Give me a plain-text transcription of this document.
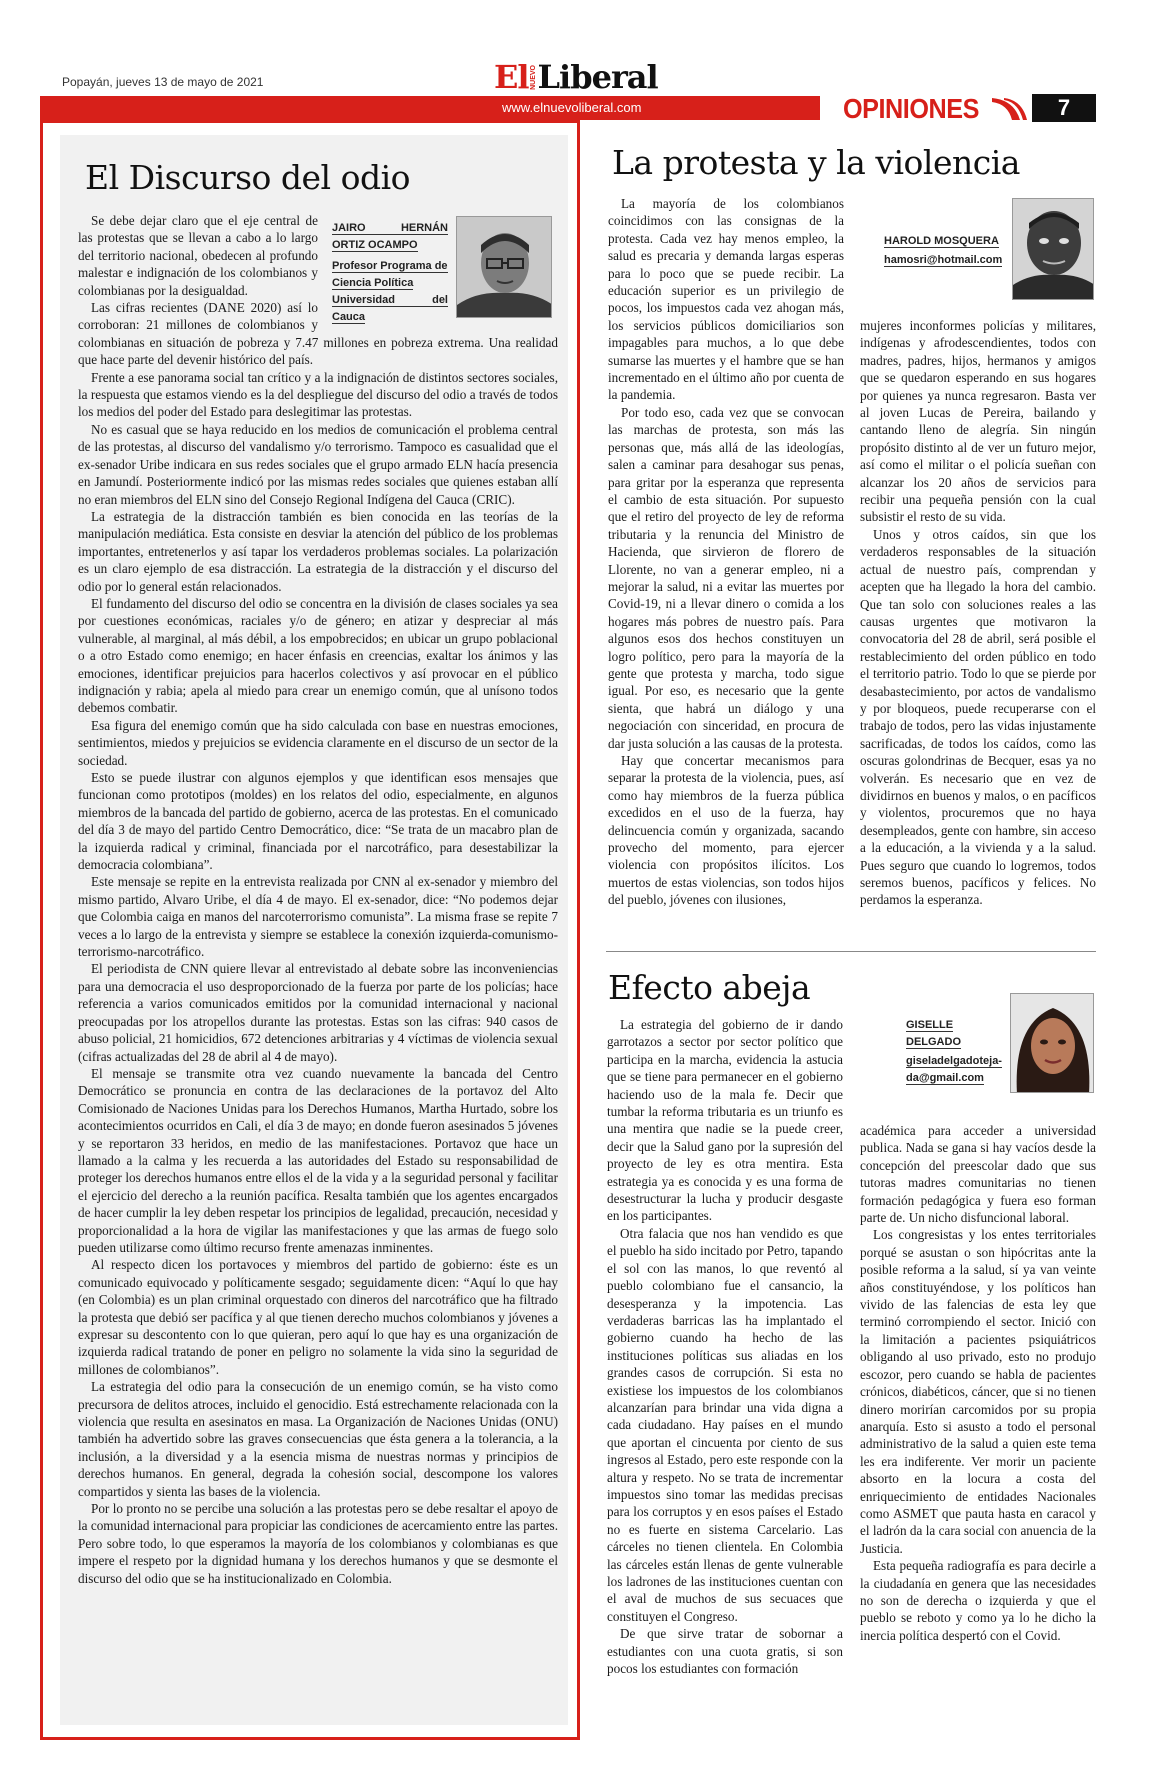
Popayán, jueves 13 de mayo de 2021	El NUEVO Liberal
www.elnuevoliberal.com	OPINIONES	7
El Discurso del odio
JAIRO HERNÁN ORTIZ OCAMPO
Profesor Programa de
Ciencia Política
Universidad del Cauca

Se debe dejar claro que el eje central de las protestas que se llevan a cabo a lo largo del territorio nacional, obedecen al profundo malestar e indignación de los colombianos y colombianas por la desigualdad.

Las cifras recientes (DANE 2020) así lo corroboran: 21 millones de colombianos y colombianas en situación de pobreza y 7.47 millones en pobreza extrema. Una realidad que hace parte del devenir histórico del país.

Frente a ese panorama social tan crítico y a la indignación de distintos sectores sociales, la respuesta que estamos viendo es la del despliegue del discurso del odio a través de todos los medios del poder del Estado para deslegitimar las protestas.

No es casual que se haya reducido en los medios de comunicación el problema central de las protestas, al discurso del vandalismo y/o terrorismo. Tampoco es casualidad que el ex-senador Uribe indicara en sus redes sociales que el grupo armado ELN hacía presencia en Jamundí. Posteriormente indicó por las mismas redes sociales que quienes estaban allí no eran miembros del ELN sino del Consejo Regional Indígena del Cauca (CRIC).

La estrategia de la distracción también es bien conocida en las teorías de la manipulación mediática. Esta consiste en desviar la atención del público de los problemas importantes, entretenerlos y así tapar los verdaderos problemas sociales. La polarización es un claro ejemplo de esa distracción. La estrategia de la distracción y el discurso del odio por lo general están relacionados.

El fundamento del discurso del odio se concentra en la división de clases sociales ya sea por cuestiones económicas, raciales y/o de género; en atizar y despreciar al más vulnerable, al marginal, al más débil, a los empobrecidos; en ubicar un grupo poblacional o a otro Estado como enemigo; en hacer énfasis en creencias, exaltar los ánimos y las emociones, identificar prejuicios para hacerlos colectivos y así provocar en el público indignación y rabia; apela al miedo para crear un enemigo común, que al unísono todos debemos combatir.

Esa figura del enemigo común que ha sido calculada con base en nuestras emociones, sentimientos, miedos y prejuicios se evidencia claramente en el discurso de un sector de la sociedad.

Esto se puede ilustrar con algunos ejemplos y que identifican esos mensajes que funcionan como prototipos (moldes) en los relatos del odio, especialmente, en algunos miembros de la bancada del partido de gobierno, acerca de las protestas. En el comunicado del día 3 de mayo del partido Centro Democrático, dice: “Se trata de un macabro plan de la izquierda radical y criminal, financiada por el narcotráfico, para desestabilizar la democracia colombiana”.

Este mensaje se repite en la entrevista realizada por CNN al ex-senador y miembro del mismo partido, Alvaro Uribe, el día 4 de mayo. El ex-senador, dice: “No podemos dejar que Colombia caiga en manos del narcoterrorismo comunista”. La misma frase se repite 7 veces a lo largo de la entrevista y siempre se establece la conexión izquierda-comunismo-terrorismo-narcotráfico.

El periodista de CNN quiere llevar al entrevistado al debate sobre las inconveniencias para una democracia el uso desproporcionado de la fuerza por parte de los policías; hace referencia a varios comunicados emitidos por la comunidad internacional y nacional preocupadas por los atropellos durante las protestas. Estas son las cifras: 940 casos de abuso policial, 21 homicidios, 672 detenciones arbitrarias y 4 víctimas de violencia sexual (cifras actualizadas del 28 de abril al 4 de mayo).

El mensaje se transmite otra vez cuando nuevamente la bancada del Centro Democrático se pronuncia en contra de las declaraciones de la portavoz del Alto Comisionado de Naciones Unidas para los Derechos Humanos, Martha Hurtado, sobre los acontecimientos ocurridos en Cali, el día 3 de mayo; en donde fueron asesinados 5 jóvenes y se reportaron 33 heridos, en medio de las manifestaciones. Portavoz que hace un llamado a la calma y les recuerda a las autoridades del Estado su responsabilidad de proteger los derechos humanos entre ellos el de la vida y a la seguridad personal y facilitar el ejercicio del derecho a la reunión pacífica. Resalta también que los agentes encargados de hacer cumplir la ley deben respetar los principios de legalidad, precaución, necesidad y proporcionalidad a la hora de vigilar las manifestaciones y que las armas de fuego solo pueden utilizarse como último recurso frente amenazas inminentes.

Al respecto dicen los portavoces y miembros del partido de gobierno: éste es un comunicado equivocado y políticamente sesgado; seguidamente dicen: “Aquí lo que hay (en Colombia) es un plan criminal orquestado con dineros del narcotráfico que ha filtrado la protesta que debió ser pacífica y al que tienen derecho muchos colombianos y jóvenes a expresar su descontento con lo que quieran, pero aquí lo que hay es una organización de izquierda radical tratando de poner en peligro no solamente la vida sino la seguridad de millones de colombianos”.

La estrategia del odio para la consecución de un enemigo común, se ha visto como precursora de delitos atroces, incluido el genocidio. Está estrechamente relacionada con la violencia que resulta en asesinatos en masa. La Organización de Naciones Unidas (ONU) también ha advertido sobre las graves consecuencias que ésta genera a la tolerancia, a la inclusión, a la diversidad y a la esencia misma de nuestras normas y principios de derechos humanos. En general, degrada la cohesión social, descompone los valores compartidos y sienta las bases de la violencia.

Por lo pronto no se percibe una solución a las protestas pero se debe resaltar el apoyo de la comunidad internacional para propiciar las condiciones de acercamiento entre las partes. Pero sobre todo, lo que esperamos la mayoría de los colombianos y colombianas es que impere el respeto por la dignidad humana y los derechos humanos y que se desmonte el discurso del odio que se ha institucionalizado en Colombia.

La protesta y la violencia
HAROLD MOSQUERA
hamosri@hotmail.com

La mayoría de los colombianos coincidimos con las consignas de la protesta. Cada vez hay menos empleo, la salud es precaria y demanda largas esperas para lo poco que se puede recibir. La educación superior es un privilegio de pocos, los impuestos cada vez ahogan más, los servicios públicos domiciliarios son impagables para muchos, a lo que debe sumarse las muertes y el hambre que se han incrementado en el último año por cuenta de la pandemia.

Por todo eso, cada vez que se convocan las marchas de protesta, son más las personas que, más allá de las ideologías, salen a caminar para desahogar sus penas, para gritar por la esperanza que representa el cambio de esta situación. Por supuesto que el retiro del proyecto de ley de reforma tributaria y la renuncia del Ministro de Hacienda, que sirvieron de florero de Llorente, no van a generar empleo, ni a mejorar la salud, ni a evitar las muertes por Covid-19, ni a llevar dinero o comida a los hogares más pobres de nuestro país. Para algunos esos dos hechos constituyen un logro político, pero para la mayoría de la gente que protesta y marcha, todo sigue igual. Por eso, es necesario que la gente sienta, que habrá un diálogo y una negociación con sinceridad, en procura de dar justa solución a las causas de la protesta.

Hay que concertar mecanismos para separar la protesta de la violencia, pues, así como hay miembros de la fuerza pública excedidos en el uso de la fuerza, hay delincuencia común y organizada, sacando provecho del momento, para ejercer violencia con propósitos ilícitos. Los muertos de estas violencias, son todos hijos del pueblo, jóvenes con ilusiones,

mujeres inconformes policías y militares, indígenas y afrodescendientes, todos con madres, padres, hijos, hermanos y amigos que se quedaron esperando en sus hogares por quienes ya nunca regresaron. Basta ver al joven Lucas de Pereira, bailando y cantando lleno de alegría. Sin ningún propósito distinto al de ver un futuro mejor, así como el militar o el policía sueñan con alcanzar los 20 años de servicios para recibir una pequeña pensión con la cual subsistir el resto de su vida.

Unos y otros caídos, sin que los verdaderos responsables de la situación actual de nuestro país, comprendan y acepten que ha llegado la hora del cambio. Que tan solo con soluciones reales a las causas urgentes que motivaron la convocatoria del 28 de abril, será posible el restablecimiento del orden público en todo el territorio patrio. Todo lo que se pierde por desabastecimiento, por actos de vandalismo y por bloqueos, puede recuperarse con el trabajo de todos, pero las vidas injustamente sacrificadas, de todos los caídos, como las oscuras golondrinas de Becquer, esas ya no volverán. Es necesario que en vez de dividirnos en buenos y malos, o en pacíficos y violentos, procuremos que no haya desempleados, gente con hambre, sin acceso a la educación, a la vivienda y a la salud. Pues seguro que cuando lo logremos, todos seremos buenos, pacíficos y felices. No perdamos la esperanza.

Efecto abeja
GISELLE DELGADO
giseladelgadoteja-
da@gmail.com

La estrategia del gobierno de ir dando garrotazos a sector por sector político que participa en la marcha, evidencia la astucia que se tiene para permanecer en el gobierno haciendo uso de la mala fe. Decir que tumbar la reforma tributaria es un triunfo es una mentira que nadie se la puede creer, decir que la Salud gano por la supresión del proyecto de ley es otra mentira. Esta estrategia ya es conocida y es una forma de desestructurar la lucha y producir desgaste en los participantes.

Otra falacia que nos han vendido es que el pueblo ha sido incitado por Petro, tapando el sol con las manos, lo que reventó al pueblo colombiano fue el cansancio, la desesperanza y la impotencia. Las verdaderas barricas las ha implantado el gobierno cuando ha hecho de las instituciones políticas sus aliadas en los grandes casos de corrupción. Si esta no existiese los impuestos de los colombianos alcanzarían para brindar una vida digna a cada ciudadano. Hay países en el mundo que aportan el cincuenta por ciento de sus ingresos al Estado, pero este responde con la altura y respeto. No se trata de incrementar impuestos sino tomar las medidas precisas para los corruptos y en esos países el Estado no es fuerte en sistema Carcelario. Las cárceles no tienen clientela. En Colombia las cárceles están llenas de gente vulnerable los ladrones de las instituciones cuentan con el aval de muchos de sus secuaces que constituyen el Congreso.

De que sirve tratar de sobornar a estudiantes con una cuota gratis, si son pocos los estudiantes con formación

académica para acceder a universidad publica. Nada se gana si hay vacíos desde la concepción del preescolar dado que sus tutoras madres comunitarias no tienen formación pedagógica y fuera eso forman parte de. Un nicho disfuncional laboral.

Los congresistas y los entes territoriales porqué se asustan o son hipócritas ante la posible reforma a la salud, sí ya van veinte años constituyéndose, y los políticos han vivido de las falencias de esta ley que terminó corrompiendo el sector. Inició con la limitación a pacientes psiquiátricos obligando al uso privado, esto no produjo escozor, pero cuando se habla de pacientes crónicos, diabéticos, cáncer, que si no tienen dinero morirían carcomidos por su propia anarquía. Esto si asusto a todo el personal administrativo de la salud a quien este tema les era indiferente. Ver morir un paciente absorto en la locura a costa del enriquecimiento de entidades Nacionales como ASMET que pauta hasta en caracol y el ladrón da la cara social con anuencia de la Justicia.

Esta pequeña radiografía es para decirle a la ciudadanía en genera que las necesidades no son de derecha o izquierda y que el pueblo se reboto y como ya lo he dicho la inercia política despertó con el Covid.
